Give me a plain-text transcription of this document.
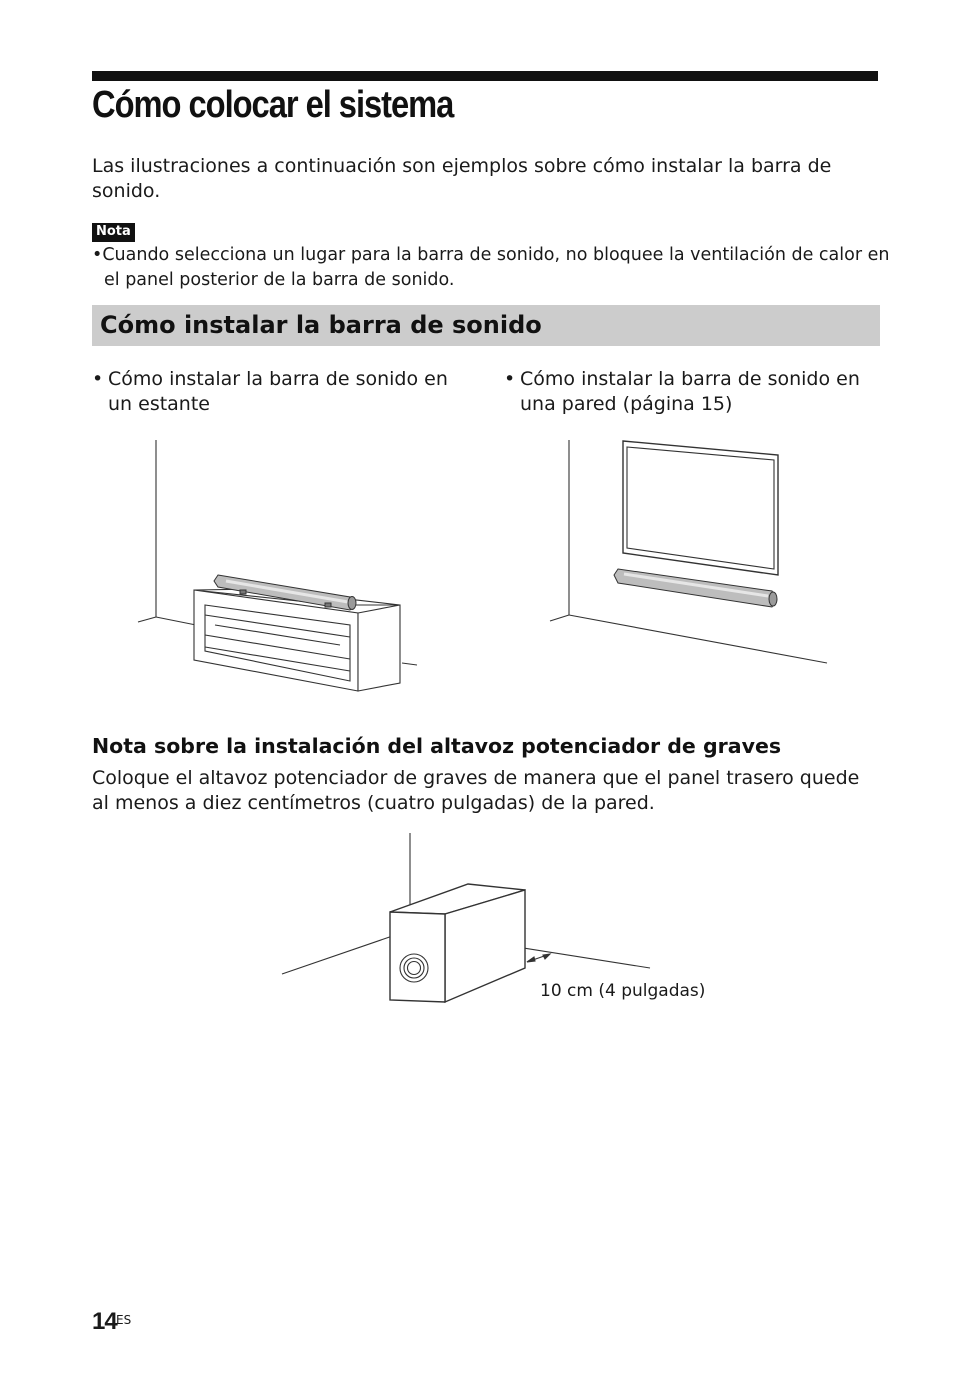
Cómo colocar el sistema

Las ilustraciones a continuación son ejemplos sobre cómo instalar la barra de sonido.

Nota

•Cuando selecciona un lugar para la barra de sonido, no bloquee la ventilación de calor en el panel posterior de la barra de sonido.

Cómo instalar la barra de sonido
• Cómo instalar la barra de sonido en un estante
• Cómo instalar la barra de sonido en una pared (página 15)
Nota sobre la instalación del altavoz potenciador de graves

Coloque el altavoz potenciador de graves de manera que el panel trasero quede al menos a diez centímetros (cuatro pulgadas) de la pared.

10 cm (4 pulgadas)
14 ES
